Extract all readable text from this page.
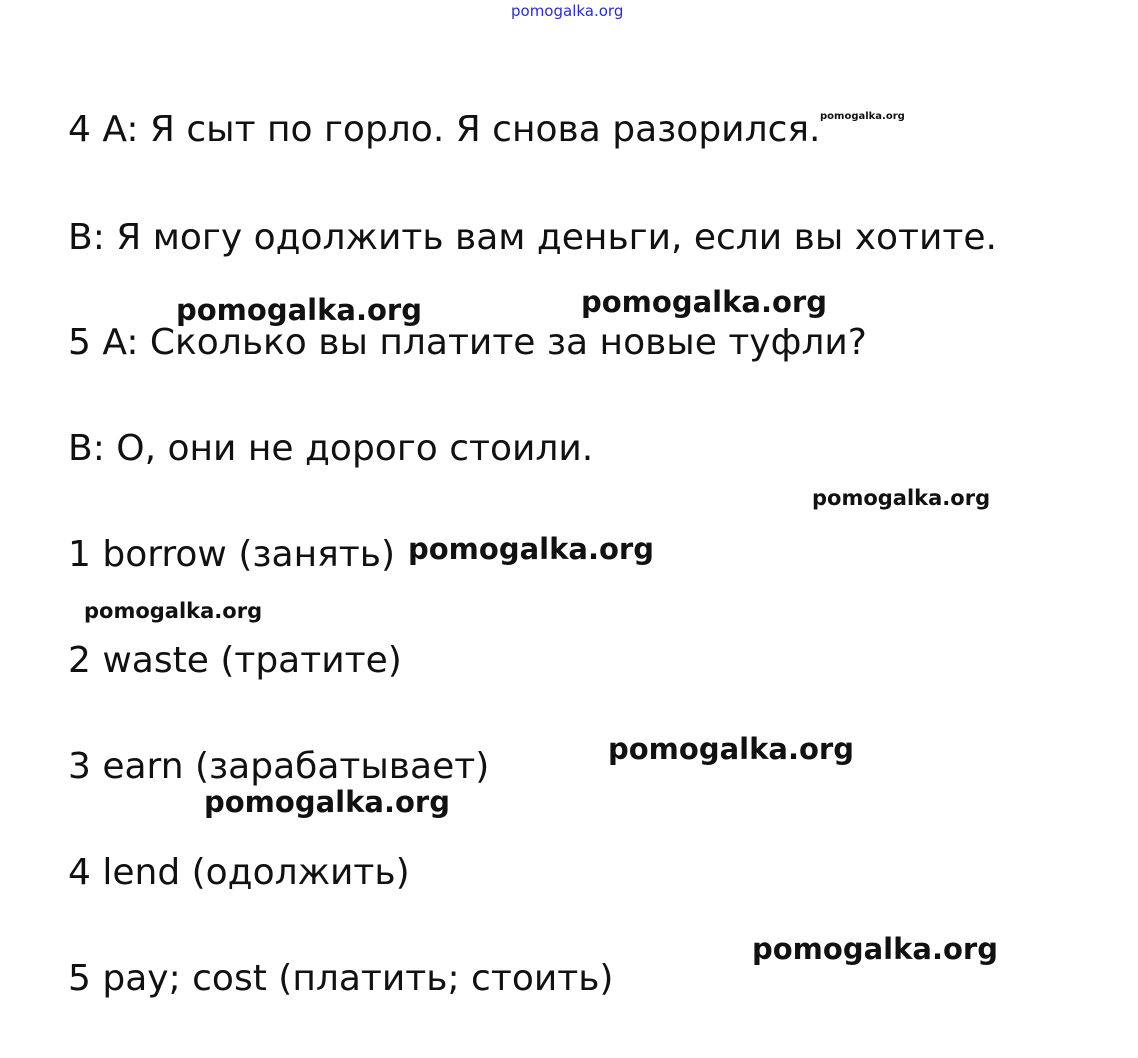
pomogalka.org
4 A: Я сыт по горло. Я снова разорился. pomogalka.org
B: Я могу одолжить вам деньги, если вы хотите.
pomogalka.org	pomogalka.org
5 A: Сколько вы платите за новые туфли?
B: О, они не дорого стоили.
pomogalka.org
1 borrow (занять) pomogalka.org
pomogalka.org
2 waste (тратите)
pomogalka.org
3 earn (зарабатывает)
pomogalka.org
4 lend (одолжить)
pomogalka.org
5 pay; cost (платить; стоить)
